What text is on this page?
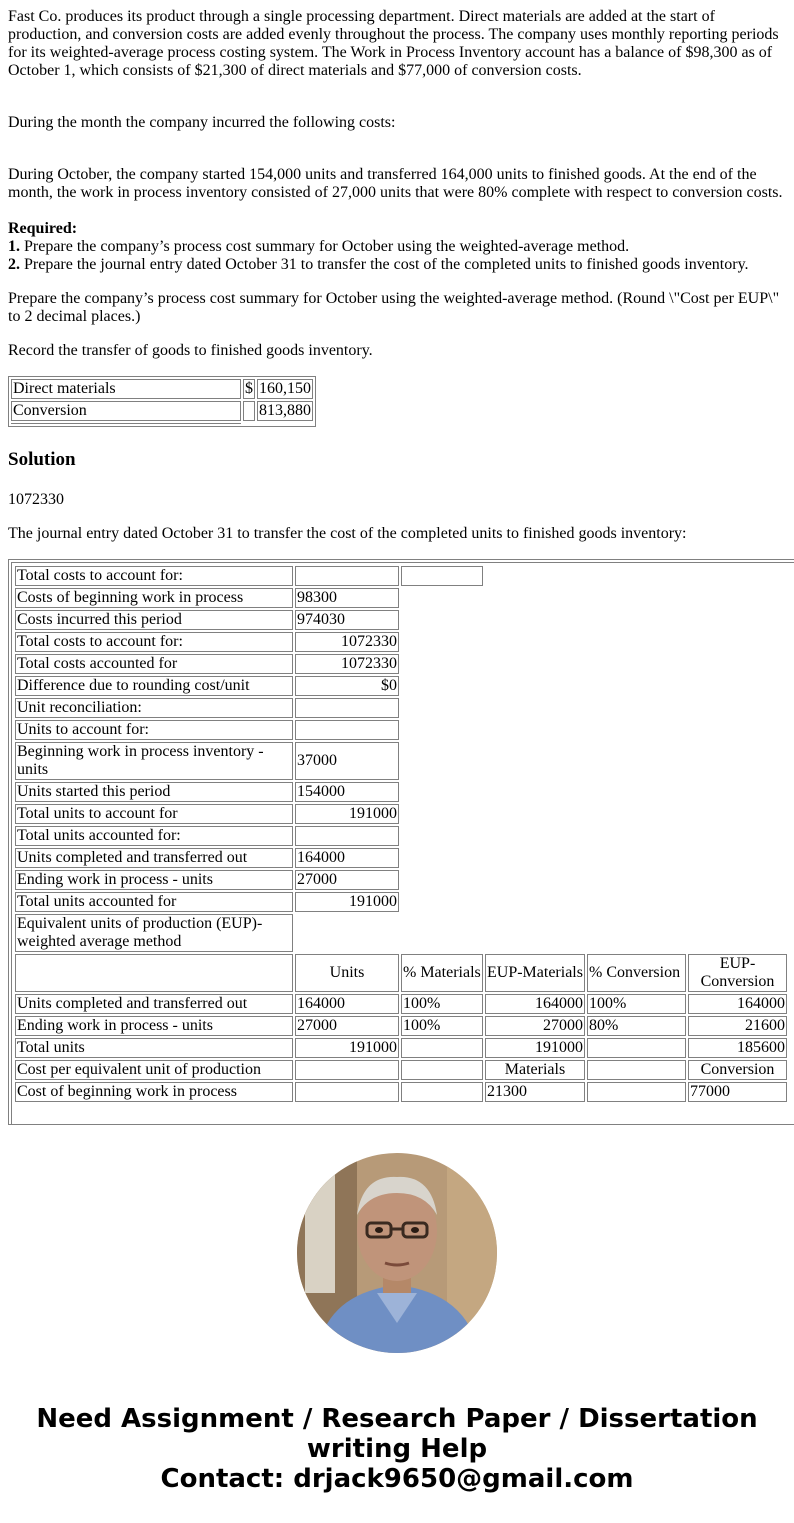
Fast Co. produces its product through a single processing department. Direct materials are added at the start of production, and conversion costs are added evenly throughout the process. The company uses monthly reporting periods for its weighted-average process costing system. The Work in Process Inventory account has a balance of $98,300 as of October 1, which consists of $21,300 of direct materials and $77,000 of conversion costs.

During the month the company incurred the following costs:

During October, the company started 154,000 units and transferred 164,000 units to finished goods. At the end of the month, the work in process inventory consisted of 27,000 units that were 80% complete with respect to conversion costs.

Required:
1. Prepare the company’s process cost summary for October using the weighted-average method.
2. Prepare the journal entry dated October 31 to transfer the cost of the completed units to finished goods inventory.

Prepare the company’s process cost summary for October using the weighted-average method. (Round \"Cost per EUP\" to 2 decimal places.)

Record the transfer of goods to finished goods inventory.

Direct materials	$	160,150
Conversion		813,880

Solution
1072330
The journal entry dated October 31 to transfer the cost of the completed units to finished goods inventory:
Total costs to account for:					
Costs of beginning work in process	98300				
Costs incurred this period	974030				
Total costs to account for:	1072330				
Total costs accounted for	1072330				
Difference due to rounding cost/unit	$0				
Unit reconciliation:					
Units to account for:					
Beginning work in process inventory - units	37000				
Units started this period	154000				
Total units to account for	191000				
Total units accounted for:					
Units completed and transferred out	164000				
Ending work in process - units	27000				
Total units accounted for	191000				
Equivalent units of production (EUP)-weighted average method					
	Units	% Materials	EUP-Materials	% Conversion	EUP-Conversion
Units completed and transferred out	164000	100%	164000	100%	164000
Ending work in process - units	27000	100%	27000	80%	21600
Total units	191000		191000		185600
Cost per equivalent unit of production			Materials		Conversion
Cost of beginning work in process			21300		77000
Need Assignment / Research Paper / Dissertation
writing Help
Contact: drjack9650@gmail.com
